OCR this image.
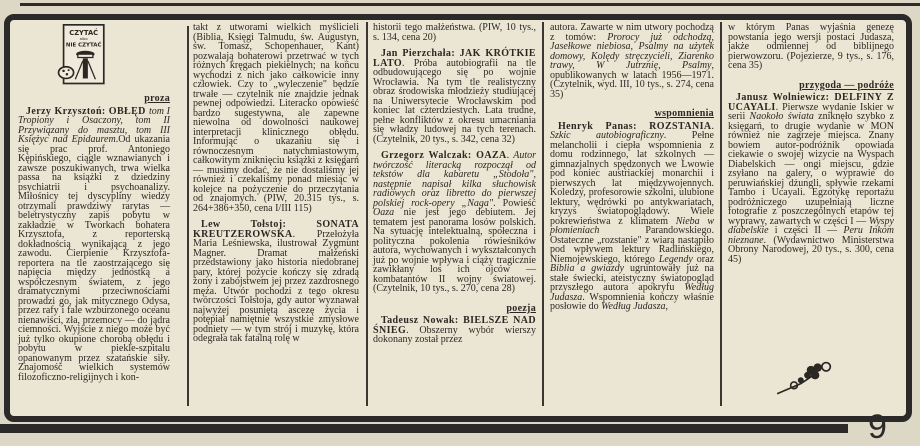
CZYTAĆ
albo
NIE CZYTAĆ
proza

Jerzy Krzysztoń: OBŁĘD tom I Tropiony i Osaczony, tom II Przywiązany do masztu, tom III Księżyc nad Epidaurem.Od ukazania się prac prof. Antoniego Kępińskiego, ciągle wznawianych i zawsze poszukiwanych, trwa wielka passa na książki z dziedziny psychiatrii i psychoanalizy. Miłośnicy tej dyscypliny wiedzy otrzymali prawdziwy rarytas — beletrystyczny zapis pobytu w zakładzie w Tworkach bohatera Krzysztofa, z reporterską dokładnością wynikającą z jego zawodu. Cierpienie Krzysztofa-reportera na tle zaostrzającego się napięcia między jednostką a współczesnym światem, z jego dramatycznymi przeciwnościami prowadzi go, jak mitycznego Odysa, przez rafy i fale wzburzonego oceanu nienawiści, zła, przemocy — do jądra ciemności. Wyjście z niego może być już tylko okupione chorobą obłędu i pobytu w piekle-szpitalu opanowanym przez szatańskie siły. Znajomość wielkich systemów filozoficzno-religijnych i kon-

takt z utworami wielkich myślicieli (Biblia, Księgi Talmudu, św. Augustyn, św. Tomasz, Schopenhauer, Kant) pozwalają bohaterowi przetrwać w tych różnych kręgach piekielnych; na końcu wychodzi z nich jako całkowicie inny człowiek. Czy to „wyleczenie" będzie trwałe — czytelnik nie znajdzie jednak pewnej odpowiedzi. Literacko opowieść bardzo sugestywna, ale zapewne niewolna od dowolności naukowej interpretacji klinicznego obłędu. Informując o ukazaniu się i równoczesnym natychmiastowym, całkowitym zniknięciu książki z księgarń — musimy dodać, że nie dostaliśmy jej również i czekaliśmy ponad miesiąc w kolejce na pożyczenie do przeczytania od znajomych. (PIW, 20.315 tys., s. 264+386+350, cena I/III 115)

Lew Tołstoj: SONATA KREUTZEROWSKA. Przełożyła Maria Leśniewska, ilustrował Zygmunt Magner. Dramat małżeński przedstawiony jako historia niedobranej pary, której pożycie kończy się zdradą żony i zabójstwem jej przez zazdrosnego męża. Utwór pochodzi z tego okresu twórczości Tołstoja, gdy autor wyznawał najwyżej posuniętą ascezę życia i potępiał namiętnie wszystkie zmysłowe podniety — w tym strój i muzykę, która odegrała tak fatalną rolę w

historii tego małżeństwa. (PIW, 10 tys., s. 134, cena 20)

Jan Pierzchała: JAK KRÓTKIE LATO. Próba autobiografii na tle odbudowującego się po wojnie Wrocławia. Na tym tle realistyczny obraz środowiska młodzieży studiującej na Uniwersytecie Wrocławskim pod koniec lat czterdziestych. Lata trudne, pełne konfliktów z okresu umacniania się władzy ludowej na tych terenach. (Czytelnik, 20 tys., s. 342, cena 32)

Grzegorz Walczak: OAZA. Autor twórczość literacką rozpoczął od tekstów dla kabaretu „Stodoła", następnie napisał kilka słuchowisk radiowych oraz libretto do pierwszej polskiej rock-opery „Naga". Powieść Oaza nie jest jego debiutem. Jej tematem jest panorama losów polskich. Na sytuację intelektualną, społeczna i polityczna pokolenia rówieśników autora, wychowanych i wykształconych już po wojnie wpływa i ciąży tragicznie zawikłany los ich ojców — kombatantów II wojny światowej. (Czytelnik, 10 tys., s. 270, cena 28)

poezja

Tadeusz Nowak: BIELSZE NAD ŚNIEG. Obszerny wybór wierszy dokonany został przez

autora. Zawarte w nim utwory pochodzą z tomów: Prorocy już odchodzą, Jasełkowe niebiosa, Psalmy na użytek domowy, Kolędy stręczycieli, Ziarenko trawy, W Jutrznię, Psalmy, opublikowanych w latach 1956—1971. (Czytelnik, wyd. III, 10 tys., s. 274, cena 35)

wspomnienia

Henryk Panas: ROZSTANIA. Szkic autobiograficzny. Pełne melancholii i ciepła wspomnienia z domu rodzinnego, lat szkolnych — gimnazjalnych spędzonych we Lwowie pod koniec austriackiej monarchii i pierwszych lat międzywojennych. Koledzy, profesorowie szkolni, ulubione lektury, wędrówki po antykwariatach, kryzys światopoglądowy. Wiele pokrewieństwa z klimatem Nieba w płomieniach Parandowskiego. Ostateczne „rozstanie" z wiarą nastąpiło pod wpływem lektury Radlińskiego, Niemojewskiego, którego Legendy oraz Biblia a gwiazdy ugruntowały już na stałe świecki, ateistyczny światopogląd przyszłego autora apokryfu Według Judasza. Wspomnienia kończy właśnie posłowie do Według Judasza,

w którym Panas wyjaśnia genezę powstania jego wersji postaci Judasza, jakże odmiennej od biblijnego pierwowzoru. (Pojezierze, 9 tys., s. 176, cena 35)

przygoda — podróże

Janusz Wolniewicz: DELFINY Z UCAYALI. Pierwsze wydanie Iskier w serii Naokoło świata zniknęło szybko z księgarń, to drugie wydanie w MON również nie zagrzeje miejsca. Znany bowiem autor-podróżnik opowiada ciekawie o swojej wizycie na Wyspach Diabelskich — ongi miejscu, gdzie zsyłano na galery, o wyprawie do peruwiańskiej dżungli, spływie rzekami Tambo i Ucayali. Egzotykę reportażu podróżniczego uzupełniają liczne fotografie z poszczególnych etapów tej wyprawy, zawartych w części I — Wyspy diabelskie i części II — Peru Inkom nieznane. (Wydawnictwo Ministerstwa Obrony Narodowej, 20 tys., s. 300, cena 45)

9
